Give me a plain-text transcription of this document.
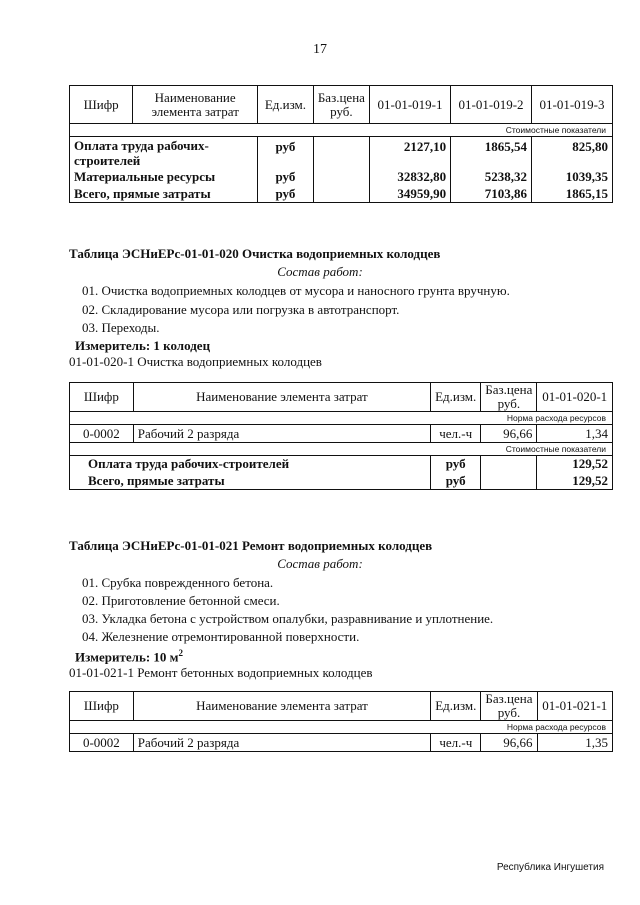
17
Шифр	Наименование элемента затрат	Ед.изм.	Баз.цена руб.	01-01-019-1	01-01-019-2	01-01-019-3
Стоимостные показатели						
Оплата труда рабочих-строителей		руб		2127,10	1865,54	825,80
Материальные ресурсы		руб		32832,80	5238,32	1039,35
Всего, прямые затраты		руб		34959,90	7103,86	1865,15
Таблица ЭСНиЕРс-01-01-020 Очистка водоприемных колодцев
Состав работ:
01. Очистка водоприемных колодцев от мусора и наносного грунта вручную.
02. Складирование мусора или погрузка в автотранспорт.
03. Переходы.
Измеритель: 1 колодец
01-01-020-1 Очистка водоприемных колодцев
Шифр	Наименование элемента затрат	Ед.изм.	Баз.цена руб.	01-01-020-1
Норма расхода ресурсов				
0-0002	Рабочий 2 разряда	чел.-ч	96,66	1,34
Стоимостные показатели				
Оплата труда рабочих-строителей		руб		129,52
Всего, прямые затраты		руб		129,52
Таблица ЭСНиЕРс-01-01-021 Ремонт водоприемных колодцев
Состав работ:
01. Срубка поврежденного бетона.
02. Приготовление бетонной смеси.
03. Укладка бетона с устройством опалубки, разравнивание и уплотнение.
04. Железнение отремонтированной поверхности.
Измеритель: 10 $м^2$
01-01-021-1 Ремонт бетонных водоприемных колодцев
Шифр	Наименование элемента затрат	Ед.изм.	Баз.цена руб.	01-01-021-1
Норма расхода ресурсов				
0-0002	Рабочий 2 разряда	чел.-ч	96,66	1,35
Республика Ингушетия
